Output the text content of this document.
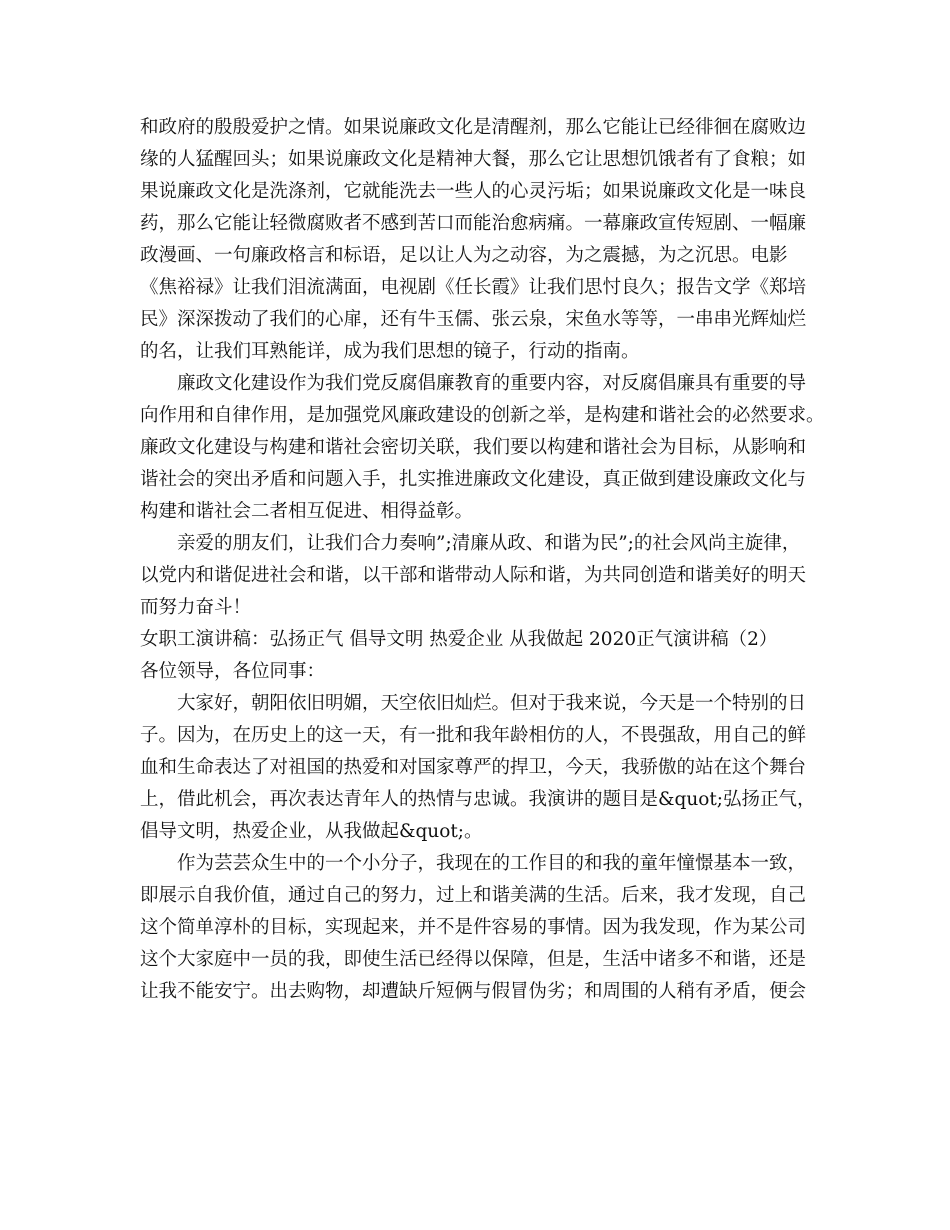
和政府的殷殷爱护之情。如果说廉政文化是清醒剂，那么它能让已经徘徊在腐败边
缘的人猛醒回头；如果说廉政文化是精神大餐，那么它让思想饥饿者有了食粮；如
果说廉政文化是洗涤剂，它就能洗去一些人的心灵污垢；如果说廉政文化是一味良
药，那么它能让轻微腐败者不感到苦口而能治愈病痛。一幕廉政宣传短剧、一幅廉
政漫画、一句廉政格言和标语，足以让人为之动容，为之震撼，为之沉思。电影
《焦裕禄》让我们泪流满面，电视剧《任长霞》让我们思忖良久；报告文学《郑培
民》深深拨动了我们的心扉，还有牛玉儒、张云泉，宋鱼水等等，一串串光辉灿烂
的名，让我们耳熟能详，成为我们思想的镜子，行动的指南。
廉政文化建设作为我们党反腐倡廉教育的重要内容，对反腐倡廉具有重要的导
向作用和自律作用，是加强党风廉政建设的创新之举，是构建和谐社会的必然要求。
廉政文化建设与构建和谐社会密切关联，我们要以构建和谐社会为目标，从影响和
谐社会的突出矛盾和问题入手，扎实推进廉政文化建设，真正做到建设廉政文化与
构建和谐社会二者相互促进、相得益彰。
亲爱的朋友们，让我们合力奏响”;清廉从政、和谐为民”;的社会风尚主旋律，
以党内和谐促进社会和谐，以干部和谐带动人际和谐，为共同创造和谐美好的明天
而努力奋斗！
女职工演讲稿：弘扬正气 倡导文明 热爱企业 从我做起 2020正气演讲稿（2）
各位领导，各位同事：
大家好，朝阳依旧明媚，天空依旧灿烂。但对于我来说，今天是一个特别的日
子。因为，在历史上的这一天，有一批和我年龄相仿的人，不畏强敌，用自己的鲜
血和生命表达了对祖国的热爱和对国家尊严的捍卫，今天，我骄傲的站在这个舞台
上，借此机会，再次表达青年人的热情与忠诚。我演讲的题目是&quot;弘扬正气，
倡导文明，热爱企业，从我做起&quot;。
作为芸芸众生中的一个小分子，我现在的工作目的和我的童年憧憬基本一致，
即展示自我价值，通过自己的努力，过上和谐美满的生活。后来，我才发现，自己
这个简单淳朴的目标，实现起来，并不是件容易的事情。因为我发现，作为某公司
这个大家庭中一员的我，即使生活已经得以保障，但是，生活中诸多不和谐，还是
让我不能安宁。出去购物，却遭缺斤短俩与假冒伪劣；和周围的人稍有矛盾，便会
